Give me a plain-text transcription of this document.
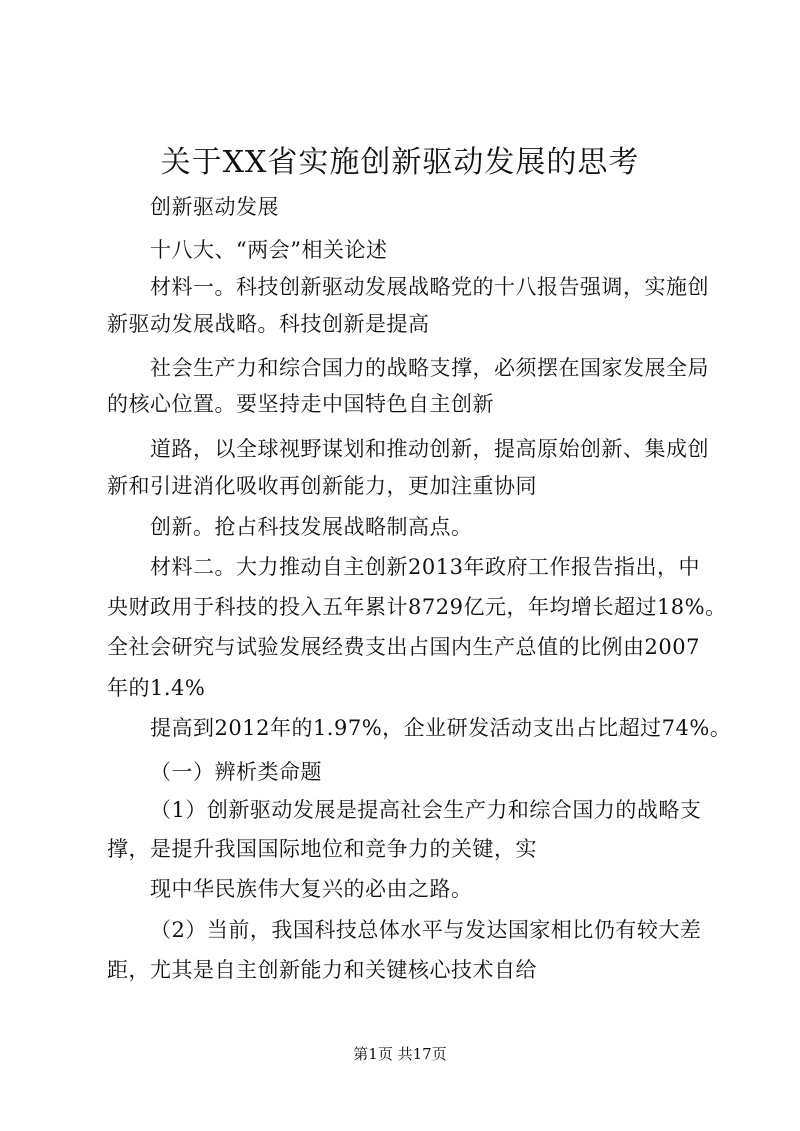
关于XX省实施创新驱动发展的思考
创新驱动发展
十八大、“两会”相关论述
材料一。科技创新驱动发展战略党的十八报告强调，实施创
新驱动发展战略。科技创新是提高
社会生产力和综合国力的战略支撑，必须摆在国家发展全局
的核心位置。要坚持走中国特色自主创新
道路，以全球视野谋划和推动创新，提高原始创新、集成创
新和引进消化吸收再创新能力，更加注重协同
创新。抢占科技发展战略制高点。
材料二。大力推动自主创新2013年政府工作报告指出，中
央财政用于科技的投入五年累计8729亿元，年均增长超过18%。
全社会研究与试验发展经费支出占国内生产总值的比例由2007
年的1.4%
提高到2012年的1.97%，企业研发活动支出占比超过74%。
（一）辨析类命题
（1）创新驱动发展是提高社会生产力和综合国力的战略支
撑，是提升我国国际地位和竞争力的关键，实
现中华民族伟大复兴的必由之路。
（2）当前，我国科技总体水平与发达国家相比仍有较大差
距，尤其是自主创新能力和关键核心技术自给
第1页 共17页
